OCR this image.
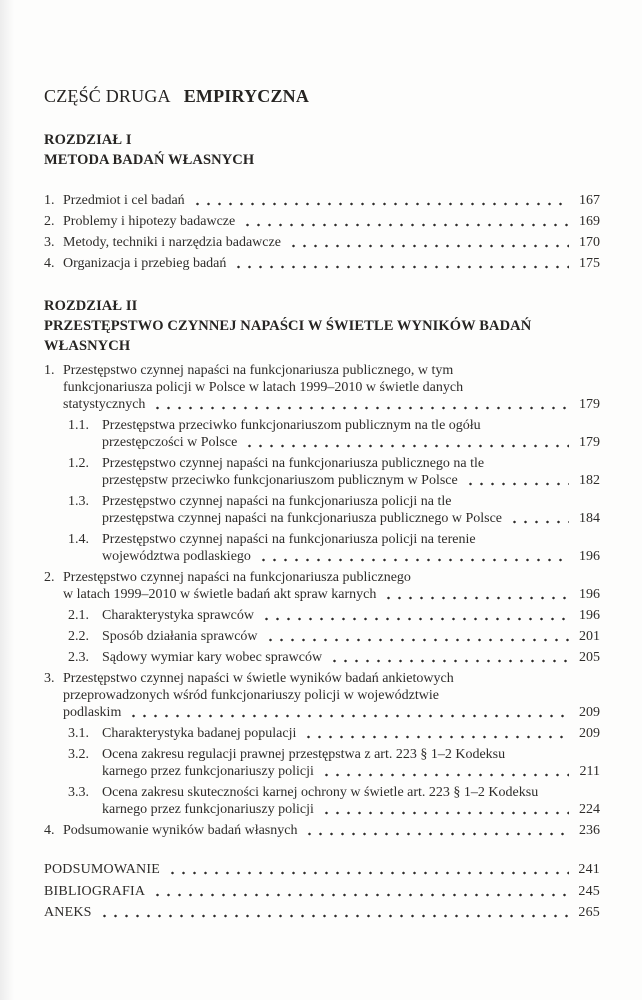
CZĘŚĆ DRUGA EMPIRYCZNA
ROZDZIAŁ I
METODA BADAŃ WŁASNYCH
1. Przedmiot i cel badań	167
2. Problemy i hipotezy badawcze	169
3. Metody, techniki i narzędzia badawcze	170
4. Organizacja i przebieg badań	175
ROZDZIAŁ II
PRZESTĘPSTWO CZYNNEJ NAPAŚCI W ŚWIETLE WYNIKÓW BADAŃ WŁASNYCH
1. Przestępstwo czynnej napaści na funkcjonariusza publicznego, w tym
funkcjonariusza policji w Polsce w latach 1999–2010 w świetle danych
statystycznych	179
1.1. Przestępstwa przeciwko funkcjonariuszom publicznym na tle ogółu
przestępczości w Polsce	179
1.2. Przestępstwo czynnej napaści na funkcjonariusza publicznego na tle
przestępstw przeciwko funkcjonariuszom publicznym w Polsce	182
1.3. Przestępstwo czynnej napaści na funkcjonariusza policji na tle
przestępstwa czynnej napaści na funkcjonariusza publicznego w Polsce	184
1.4. Przestępstwo czynnej napaści na funkcjonariusza policji na terenie
województwa podlaskiego	196
2. Przestępstwo czynnej napaści na funkcjonariusza publicznego
w latach 1999–2010 w świetle badań akt spraw karnych	196
2.1. Charakterystyka sprawców	196
2.2. Sposób działania sprawców	201
2.3. Sądowy wymiar kary wobec sprawców	205
3. Przestępstwo czynnej napaści w świetle wyników badań ankietowych
przeprowadzonych wśród funkcjonariuszy policji w województwie
podlaskim	209
3.1. Charakterystyka badanej populacji	209
3.2. Ocena zakresu regulacji prawnej przestępstwa z art. 223 § 1–2 Kodeksu
karnego przez funkcjonariuszy policji	211
3.3. Ocena zakresu skuteczności karnej ochrony w świetle art. 223 § 1–2 Kodeksu
karnego przez funkcjonariuszy policji	224
4. Podsumowanie wyników badań własnych	236
PODSUMOWANIE	241
BIBLIOGRAFIA	245
ANEKS	265
